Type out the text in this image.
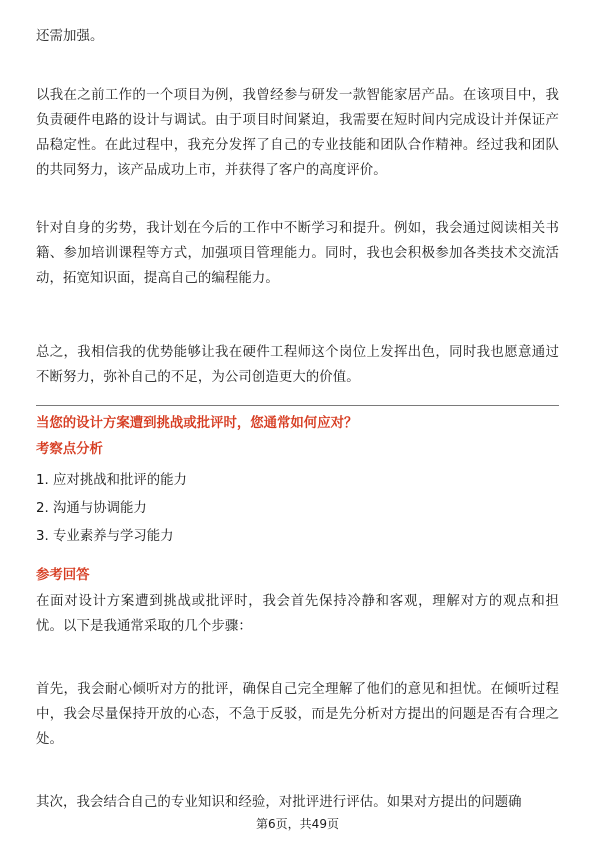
还需加强。

以我在之前工作的一个项目为例，我曾经参与研发一款智能家居产品。在该项目中，我负责硬件电路的设计与调试。由于项目时间紧迫，我需要在短时间内完成设计并保证产品稳定性。在此过程中，我充分发挥了自己的专业技能和团队合作精神。经过我和团队的共同努力，该产品成功上市，并获得了客户的高度评价。

针对自身的劣势，我计划在今后的工作中不断学习和提升。例如，我会通过阅读相关书籍、参加培训课程等方式，加强项目管理能力。同时，我也会积极参加各类技术交流活动，拓宽知识面，提高自己的编程能力。

总之，我相信我的优势能够让我在硬件工程师这个岗位上发挥出色，同时我也愿意通过不断努力，弥补自己的不足，为公司创造更大的价值。

当您的设计方案遭到挑战或批评时，您通常如何应对？

考察点分析

1. 应对挑战和批评的能力
2. 沟通与协调能力
3. 专业素养与学习能力

参考回答

在面对设计方案遭到挑战或批评时，我会首先保持冷静和客观，理解对方的观点和担忧。以下是我通常采取的几个步骤：

首先，我会耐心倾听对方的批评，确保自己完全理解了他们的意见和担忧。在倾听过程中，我会尽量保持开放的心态，不急于反驳，而是先分析对方提出的问题是否有合理之处。

其次，我会结合自己的专业知识和经验，对批评进行评估。如果对方提出的问题确

第6页，共49页
